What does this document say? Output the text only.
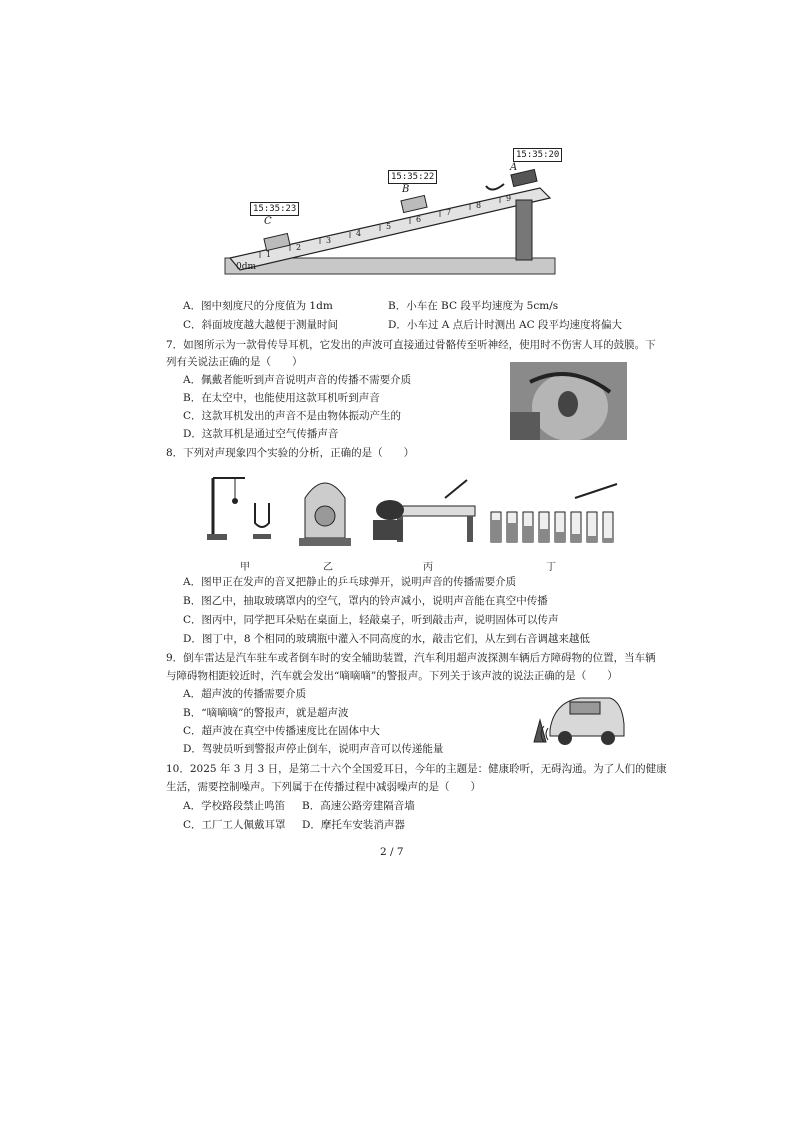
15:35:20
15:35:22
15:35:23
A
B
C
0dm
1
2
3
4
5
6
7
8
9
A．图中刻度尺的分度值为 1dm	B．小车在 BC 段平均速度为 5cm/s
C．斜面坡度越大越便于测量时间	D．小车过 A 点后计时测出 AC 段平均速度将偏大
7．如图所示为一款骨传导耳机，它发出的声波可直接通过骨骼传至听神经，使用时不伤害人耳的鼓膜。下
列有关说法正确的是（　　）
A．佩戴者能听到声音说明声音的传播不需要介质
B．在太空中，也能使用这款耳机听到声音
C．这款耳机发出的声音不是由物体振动产生的
D．这款耳机是通过空气传播声音
8．下列对声现象四个实验的分析，正确的是（　　）
甲	乙	丙	丁
A．图甲正在发声的音叉把静止的乒乓球弹开，说明声音的传播需要介质
B．图乙中，抽取玻璃罩内的空气，罩内的铃声减小，说明声音能在真空中传播
C．图丙中，同学把耳朵贴在桌面上，轻敲桌子，听到敲击声，说明固体可以传声
D．图丁中，8 个相同的玻璃瓶中灌入不同高度的水，敲击它们，从左到右音调越来越低
9．倒车雷达是汽车驻车或者倒车时的安全辅助装置，汽车利用超声波探测车辆后方障碍物的位置，当车辆
与障碍物相距较近时，汽车就会发出“嘀嘀嘀”的警报声。下列关于该声波的说法正确的是（　　）
A．超声波的传播需要介质
B．“嘀嘀嘀”的警报声，就是超声波
C．超声波在真空中传播速度比在固体中大
D．驾驶员听到警报声停止倒车，说明声音可以传递能量
10．2025 年 3 月 3 日，是第二十六个全国爱耳日，今年的主题是：健康聆听，无碍沟通。为了人们的健康
生活，需要控制噪声。下列属于在传播过程中减弱噪声的是（　　）
A．学校路段禁止鸣笛 B．高速公路旁建隔音墙
C．工厂工人佩戴耳罩 D．摩托车安装消声器
2 / 7
